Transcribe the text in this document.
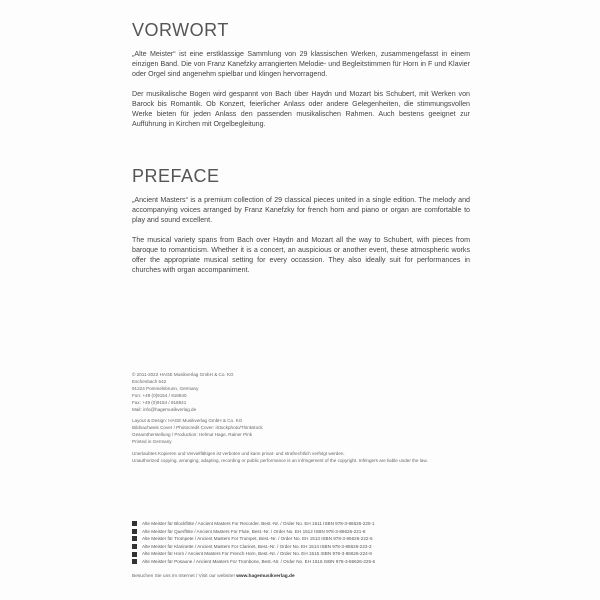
VORWORT

„Alte Meister“ ist eine erstklassige Sammlung von 29 klassischen Werken, zusammengefasst in einem einzigen Band. Die von Franz Kanefzky arrangierten Melodie- und Begleitstimmen für Horn in F und Klavier oder Orgel sind angenehm spielbar und klingen hervorragend.

Der musikalische Bogen wird gespannt von Bach über Haydn und Mozart bis Schubert, mit Werken von Barock bis Romantik. Ob Konzert, feierlicher Anlass oder andere Gelegenheiten, die stimmungsvollen Werke bieten für jeden Anlass den passenden musikalischen Rahmen. Auch bestens geeignet zur Aufführung in Kirchen mit Orgelbegleitung.

PREFACE

„Ancient Masters“ is a premium collection of 29 classical pieces united in a single edition. The melody and accompanying voices arranged by Franz Kanefzky for french horn and piano or organ are comfortable to play and sound excellent.

The musical variety spans from Bach over Haydn and Mozart all the way to Schubert, with pieces from baroque to romanticism. Whether it is a concert, an auspicious or another event, these atmospheric works offer the appropriate musical setting for every occassion. They also ideally suit for performances in churches with organ accompaniment.

© 2011-2022 HAGE Musikverlag GmbH & Co. KG
Eschenbach 542
91224 Pommelsbrunn, Germany
Fon: +49 (0)9154 / 918840
Fax: +49 (0)9154 / 918841
Mail: info@hagemusikverlag.de
Layout & Design: HAGE Musikverlag GmbH & Co. KG
Bildnachweis Cover / Photocredit Cover: iStockphoto/Thinkstock
Gesamtherstellung / Production: Helmut Hage, Rainer Pink
Printed in Germany
Unerlaubtes Kopieren und Vervielfältigen ist verboten und kann privat- und strafrechtlich verfolgt werden.
Unauthorized copying, arranging, adapting, recording or public performance is an infringement of the copyright. Infringers are liable under the law.
Alte Meister für Blockflöte / Ancient Masters For Recorder, Best.-Nr. / Order No. EH 1511 ISBN 978-3-86626-220-1
Alte Meister für Querflöte / Ancient Masters For Flute, Best.-Nr. / Order No. EH 1512 ISBN 978-3-86626-221-8
Alte Meister für Trompete / Ancient Masters For Trumpet, Best.-Nr. / Order No. EH 1513 ISBN 978-3-86626-222-5
Alte Meister für Klarinette / Ancient Masters For Clarinet, Best.-Nr. / Order No. EH 1514 ISBN 978-3-86626-223-2
Alte Meister für Horn / Ancient Masters For French Horn, Best.-Nr. / Order No. EH 1515 ISBN 978-3-86626-224-9
Alte Meister für Posaune / Ancient Masters For Trombone, Best.-Nr. / Order No. EH 1516 ISBN 978-3-86626-225-6
Besuchen Sie uns im Internet / Visit our website! www.hagemusikverlag.de
